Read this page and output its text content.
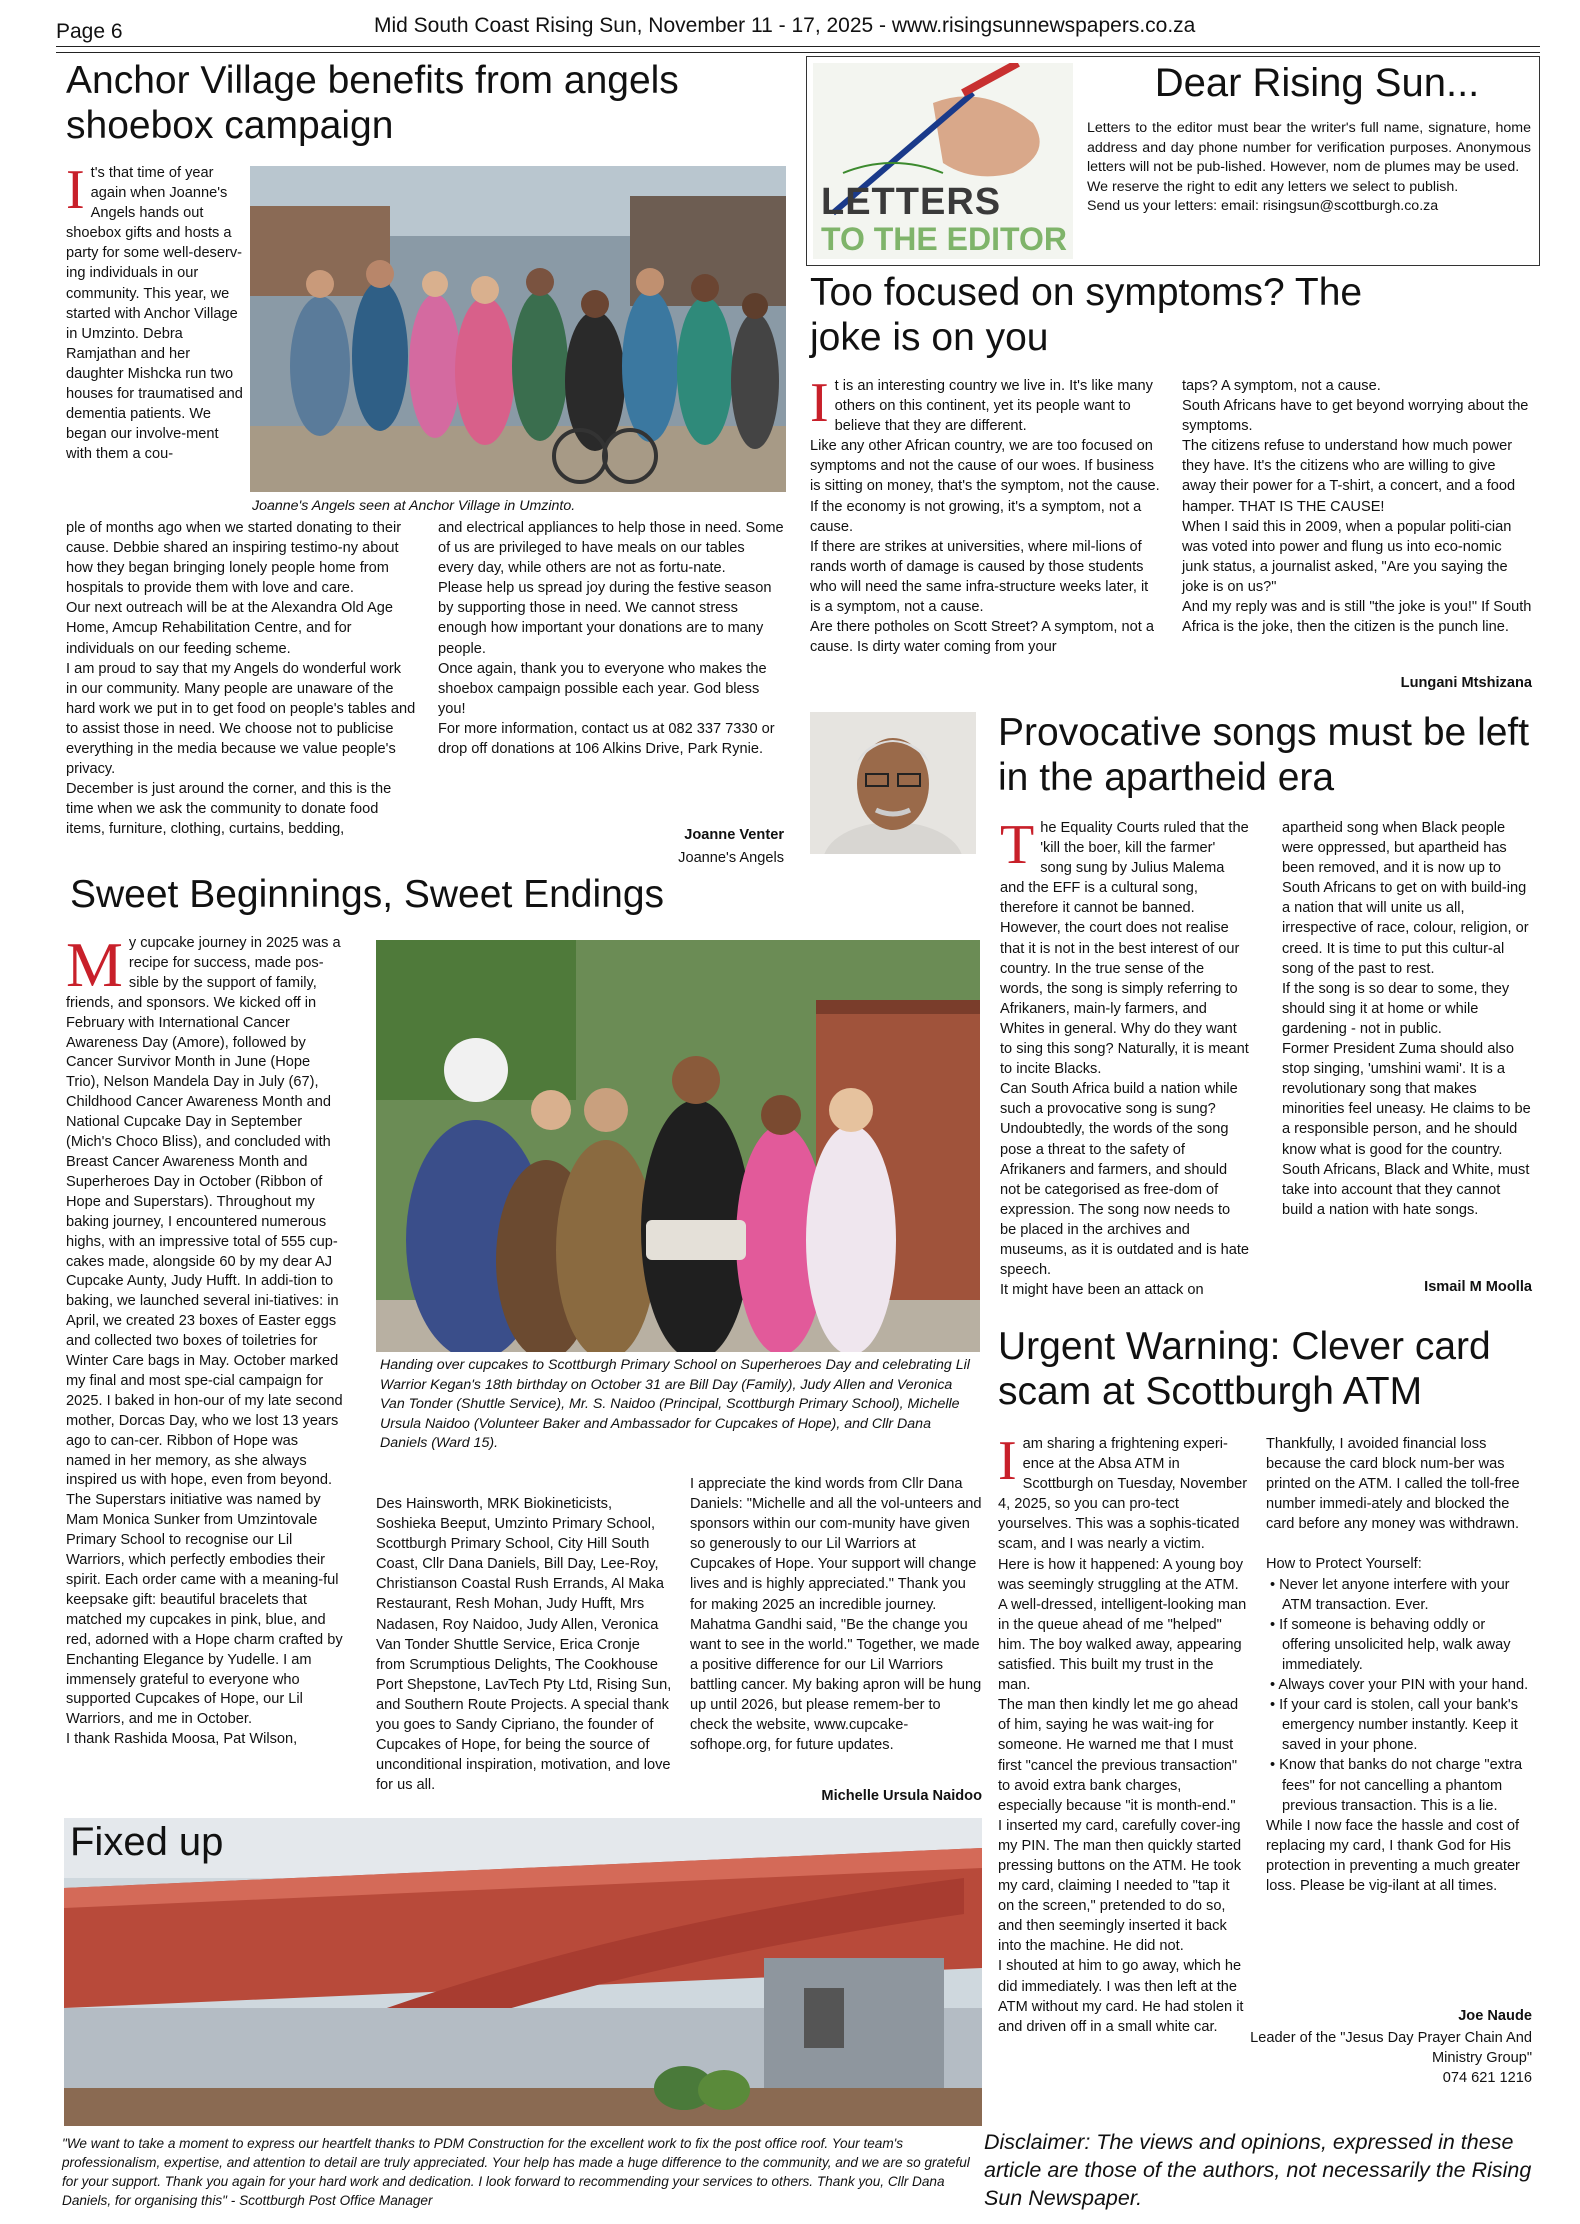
Page 6	Mid South Coast Rising Sun, November 11 - 17, 2025 - www.risingsunnewspapers.co.za
Anchor Village benefits from angels shoebox campaign
I t's that time of year again when Joanne's Angels hands out shoebox gifts and hosts a party for some well-deserv-ing individuals in our community. This year, we started with Anchor Village in Umzinto. Debra Ramjathan and her daughter Mishcka run two houses for traumatised and dementia patients. We began our involve-ment with them a cou-
Joanne's Angels seen at Anchor Village in Umzinto.

ple of months ago when we started donating to their cause. Debbie shared an inspiring testimo-ny about how they began bringing lonely people home from hospitals to provide them with love and care.

Our next outreach will be at the Alexandra Old Age Home, Amcup Rehabilitation Centre, and for individuals on our feeding scheme.

I am proud to say that my Angels do wonderful work in our community. Many people are unaware of the hard work we put in to get food on people's tables and to assist those in need. We choose not to publicise everything in the media because we value people's privacy.

December is just around the corner, and this is the time when we ask the community to donate food items, furniture, clothing, curtains, bedding,

and electrical appliances to help those in need. Some of us are privileged to have meals on our tables every day, while others are not as fortu-nate.

Please help us spread joy during the festive season by supporting those in need. We cannot stress enough how important your donations are to many people.

Once again, thank you to everyone who makes the shoebox campaign possible each year. God bless you!

For more information, contact us at 082 337 7330 or drop off donations at 106 Alkins Drive, Park Rynie.

Joanne Venter
Joanne's Angels
LETTERS
TO THE EDITOR
Dear Rising Sun...

Letters to the editor must bear the writer's full name, signature, home address and day phone number for verification purposes. Anonymous letters will not be pub-lished. However, nom de plumes may be used.

We reserve the right to edit any letters we select to publish.

Send us your letters: email: risingsun@scottburgh.co.za

Too focused on symptoms? The joke is on you
I t is an interesting country we live in. It's like many others on this continent, yet its people want to believe that they are different.

Like any other African country, we are too focused on symptoms and not the cause of our woes. If business is sitting on money, that's the symptom, not the cause.

If the economy is not growing, it's a symptom, not a cause.

If there are strikes at universities, where mil-lions of rands worth of damage is caused by those students who will need the same infra-structure weeks later, it is a symptom, not a cause.

Are there potholes on Scott Street? A symptom, not a cause. Is dirty water coming from your

taps? A symptom, not a cause.

South Africans have to get beyond worrying about the symptoms.

The citizens refuse to understand how much power they have. It's the citizens who are willing to give away their power for a T-shirt, a concert, and a food hamper. THAT IS THE CAUSE!

When I said this in 2009, when a popular politi-cian was voted into power and flung us into eco-nomic junk status, a journalist asked, "Are you saying the joke is on us?"

And my reply was and is still "the joke is you!" If South Africa is the joke, then the citizen is the punch line.

Lungani Mtshizana
Provocative songs must be left in the apartheid era
T he Equality Courts ruled that the 'kill the boer, kill the farmer' song sung by Julius Malema and the EFF is a cultural song, therefore it cannot be banned. However, the court does not realise that it is not in the best interest of our country. In the true sense of the words, the song is simply referring to Afrikaners, main-ly farmers, and Whites in general. Why do they want to sing this song? Naturally, it is meant to incite Blacks.

Can South Africa build a nation while such a provocative song is sung? Undoubtedly, the words of the song pose a threat to the safety of Afrikaners and farmers, and should not be categorised as free-dom of expression. The song now needs to be placed in the archives and museums, as it is outdated and is hate speech.

It might have been an attack on

apartheid song when Black people were oppressed, but apartheid has been removed, and it is now up to South Africans to get on with build-ing a nation that will unite us all, irrespective of race, colour, religion, or creed. It is time to put this cultur-al song of the past to rest.

If the song is so dear to some, they should sing it at home or while gardening - not in public.

Former President Zuma should also stop singing, 'umshini wami'. It is a revolutionary song that makes minorities feel uneasy. He claims to be a responsible person, and he should know what is good for the country.

South Africans, Black and White, must take into account that they cannot build a nation with hate songs.

Ismail M Moolla
Sweet Beginnings, Sweet Endings
M y cupcake journey in 2025 was a recipe for success, made pos-sible by the support of family, friends, and sponsors. We kicked off in February with International Cancer Awareness Day (Amore), followed by Cancer Survivor Month in June (Hope Trio), Nelson Mandela Day in July (67), Childhood Cancer Awareness Month and National Cupcake Day in September (Mich's Choco Bliss), and concluded with Breast Cancer Awareness Month and Superheroes Day in October (Ribbon of Hope and Superstars). Throughout my baking journey, I encountered numerous highs, with an impressive total of 555 cup-cakes made, alongside 60 by my dear AJ Cupcake Aunty, Judy Hufft. In addi-tion to baking, we launched several ini-tiatives: in April, we created 23 boxes of Easter eggs and collected two boxes of toiletries for Winter Care bags in May. October marked my final and most spe-cial campaign for 2025. I baked in hon-our of my late second mother, Dorcas Day, who we lost 13 years ago to can-cer. Ribbon of Hope was named in her memory, as she always inspired us with hope, even from beyond. The Superstars initiative was named by Mam Monica Sunker from Umzintovale Primary School to recognise our Lil Warriors, which perfectly embodies their spirit. Each order came with a meaning-ful keepsake gift: beautiful bracelets that matched my cupcakes in pink, blue, and red, adorned with a Hope charm crafted by Enchanting Elegance by Yudelle. I am immensely grateful to everyone who supported Cupcakes of Hope, our Lil Warriors, and me in October.

I thank Rashida Moosa, Pat Wilson,

Handing over cupcakes to Scottburgh Primary School on Superheroes Day and celebrating Lil Warrior Kegan's 18th birthday on October 31 are Bill Day (Family), Judy Allen and Veronica Van Tonder (Shuttle Service), Mr. S. Naidoo (Principal, Scottburgh Primary School), Michelle Ursula Naidoo (Volunteer Baker and Ambassador for Cupcakes of Hope), and Cllr Dana Daniels (Ward 15).

Des Hainsworth, MRK Biokineticists, Soshieka Beeput, Umzinto Primary School, Scottburgh Primary School, City Hill South Coast, Cllr Dana Daniels, Bill Day, Lee-Roy, Christianson Coastal Rush Errands, Al Maka Restaurant, Resh Mohan, Judy Hufft, Mrs Nadasen, Roy Naidoo, Judy Allen, Veronica Van Tonder Shuttle Service, Erica Cronje from Scrumptious Delights, The Cookhouse Port Shepstone, LavTech Pty Ltd, Rising Sun, and Southern Route Projects. A special thank you goes to Sandy Cipriano, the founder of Cupcakes of Hope, for being the source of unconditional inspiration, motivation, and love for us all.

I appreciate the kind words from Cllr Dana Daniels: "Michelle and all the vol-unteers and sponsors within our com-munity have given so generously to our Lil Warriors at Cupcakes of Hope. Your support will change lives and is highly appreciated." Thank you for making 2025 an incredible journey. Mahatma Gandhi said, "Be the change you want to see in the world." Together, we made a positive difference for our Lil Warriors battling cancer. My baking apron will be hung up until 2026, but please remem-ber to check the website, www.cupcake-sofhope.org, for future updates.

Michelle Ursula Naidoo
Fixed up
"We want to take a moment to express our heartfelt thanks to PDM Construction for the excellent work to fix the post office roof. Your team's professionalism, expertise, and attention to detail are truly appreciated. Your help has made a huge difference to the community, and we are so grateful for your support. Thank you again for your hard work and dedication. I look forward to recommending your services to others. Thank you, Cllr Dana Daniels, for organising this" - Scottburgh Post Office Manager
Urgent Warning: Clever card scam at Scottburgh ATM
I am sharing a frightening experi-ence at the Absa ATM in Scottburgh on Tuesday, November 4, 2025, so you can pro-tect yourselves. This was a sophis-ticated scam, and I was nearly a victim.

Here is how it happened: A young boy was seemingly struggling at the ATM. A well-dressed, intelligent-looking man in the queue ahead of me "helped" him. The boy walked away, appearing satisfied. This built my trust in the man.

The man then kindly let me go ahead of him, saying he was wait-ing for someone. He warned me that I must first "cancel the previous transaction" to avoid extra bank charges, especially because "it is month-end."

I inserted my card, carefully cover-ing my PIN. The man then quickly started pressing buttons on the ATM. He took my card, claiming I needed to "tap it on the screen," pretended to do so, and then seemingly inserted it back into the machine. He did not.

I shouted at him to go away, which he did immediately. I was then left at the ATM without my card. He had stolen it and driven off in a small white car.

Thankfully, I avoided financial loss because the card block num-ber was printed on the ATM. I called the toll-free number immedi-ately and blocked the card before any money was withdrawn.

How to Protect Yourself:

• Never let anyone interfere with your ATM transaction. Ever.

• If someone is behaving oddly or offering unsolicited help, walk away immediately.

• Always cover your PIN with your hand.

• If your card is stolen, call your bank's emergency number instantly. Keep it saved in your phone.

• Know that banks do not charge "extra fees" for not cancelling a phantom previous transaction. This is a lie.

While I now face the hassle and cost of replacing my card, I thank God for His protection in preventing a much greater loss. Please be vig-ilant at all times.

Joe Naude
Leader of the "Jesus Day Prayer Chain And Ministry Group"
074 621 1216
Disclaimer: The views and opinions, expressed in these article are those of the authors, not necessarily the Rising Sun Newspaper.
